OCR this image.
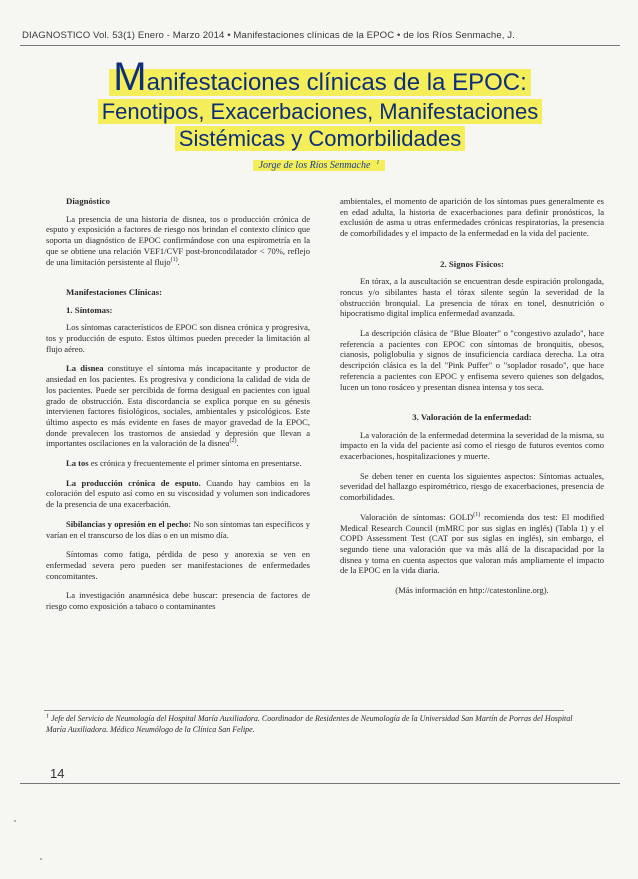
DIAGNOSTICO Vol. 53(1) Enero - Marzo 2014 • Manifestaciones clínicas de la EPOC • de los Ríos Senmache, J.
Manifestaciones clínicas de la EPOC:
Fenotipos, Exacerbaciones, Manifestaciones
Sistémicas y Comorbilidades
Jorge de los Ríos Senmache $^1$
Diagnóstico

La presencia de una historia de disnea, tos o producción crónica de esputo y exposición a factores de riesgo nos brindan el contexto clínico que soporta un diagnóstico de EPOC confirmándose con una espirometría en la que se obtiene una relación VEF1/CVF post-broncodilatador < 70%, reflejo de una limitación persistente al flujo$^{(1)}$.

Manifestaciones Clínicas:
1. Síntomas:

Los síntomas característicos de EPOC son disnea crónica y progresiva, tos y producción de esputo. Estos últimos pueden preceder la limitación al flujo aéreo.

La disnea constituye el síntoma más incapacitante y productor de ansiedad en los pacientes. Es progresiva y condiciona la calidad de vida de los pacientes. Puede ser percibida de forma desigual en pacientes con igual grado de obstrucción. Esta discordancia se explica porque en su génesis intervienen factores fisiológicos, sociales, ambientales y psicológicos. Este último aspecto es más evidente en fases de mayor gravedad de la EPOC, donde prevalecen los trastornos de ansiedad y depresión que llevan a importantes oscilaciones en la valoración de la disnea$^{(2)}$.

La tos es crónica y frecuentemente el primer síntoma en presentarse.

La producción crónica de esputo. Cuando hay cambios en la coloración del esputo así como en su viscosidad y volumen son indicadores de la presencia de una exacerbación.

Sibilancias y opresión en el pecho: No son síntomas tan específicos y varían en el transcurso de los días o en un mismo día.

Síntomas como fatiga, pérdida de peso y anorexia se ven en enfermedad severa pero pueden ser manifestaciones de enfermedades concomitantes.

La investigación anamnésica debe buscar: presencia de factores de riesgo como exposición a tabaco o contaminantes

ambientales, el momento de aparición de los síntomas pues generalmente es en edad adulta, la historia de exacerbaciones para definir pronósticos, la exclusión de asma u otras enfermedades crónicas respiratorias, la presencia de comorbilidades y el impacto de la enfermedad en la vida del paciente.

2. Signos Físicos:

En tórax, a la auscultación se encuentran desde espiración prolongada, roncus y/o sibilantes hasta el tórax silente según la severidad de la obstrucción bronquial. La presencia de tórax en tonel, desnutrición o hipocratismo digital implica enfermedad avanzada.

La descripción clásica de "Blue Bloater" o "congestivo azulado", hace referencia a pacientes con EPOC con síntomas de bronquitis, obesos, cianosis, poliglobulia y signos de insuficiencia cardiaca derecha. La otra descripción clásica es la del "Pink Puffer" o "soplador rosado", que hace referencia a pacientes con EPOC y enfisema severo quienes son delgados, lucen un tono rosáceo y presentan disnea intensa y tos seca.

3. Valoración de la enfermedad:

La valoración de la enfermedad determina la severidad de la misma, su impacto en la vida del paciente así como el riesgo de futuros eventos como exacerbaciones, hospitalizaciones y muerte.

Se deben tener en cuenta los siguientes aspectos: Síntomas actuales, severidad del hallazgo espirométrico, riesgo de exacerbaciones, presencia de comorbilidades.

Valoración de síntomas: GOLD$^{(1)}$ recomienda dos test: El modified Medical Research Council (mMRC por sus siglas en inglés) (Tabla 1) y el COPD Assessment Test (CAT por sus siglas en inglés), sin embargo, el segundo tiene una valoración que va más allá de la discapacidad por la disnea y toma en cuenta aspectos que valoran más ampliamente el impacto de la EPOC en la vida diaria.

(Más información en http://catestonline.org).

$^1$ Jefe del Servicio de Neumología del Hospital María Auxiliadora. Coordinador de Residentes de Neumología de la Universidad San Martín de Porras del Hospital María Auxiliadora. Médico Neumólogo de la Clínica San Felipe.
14
